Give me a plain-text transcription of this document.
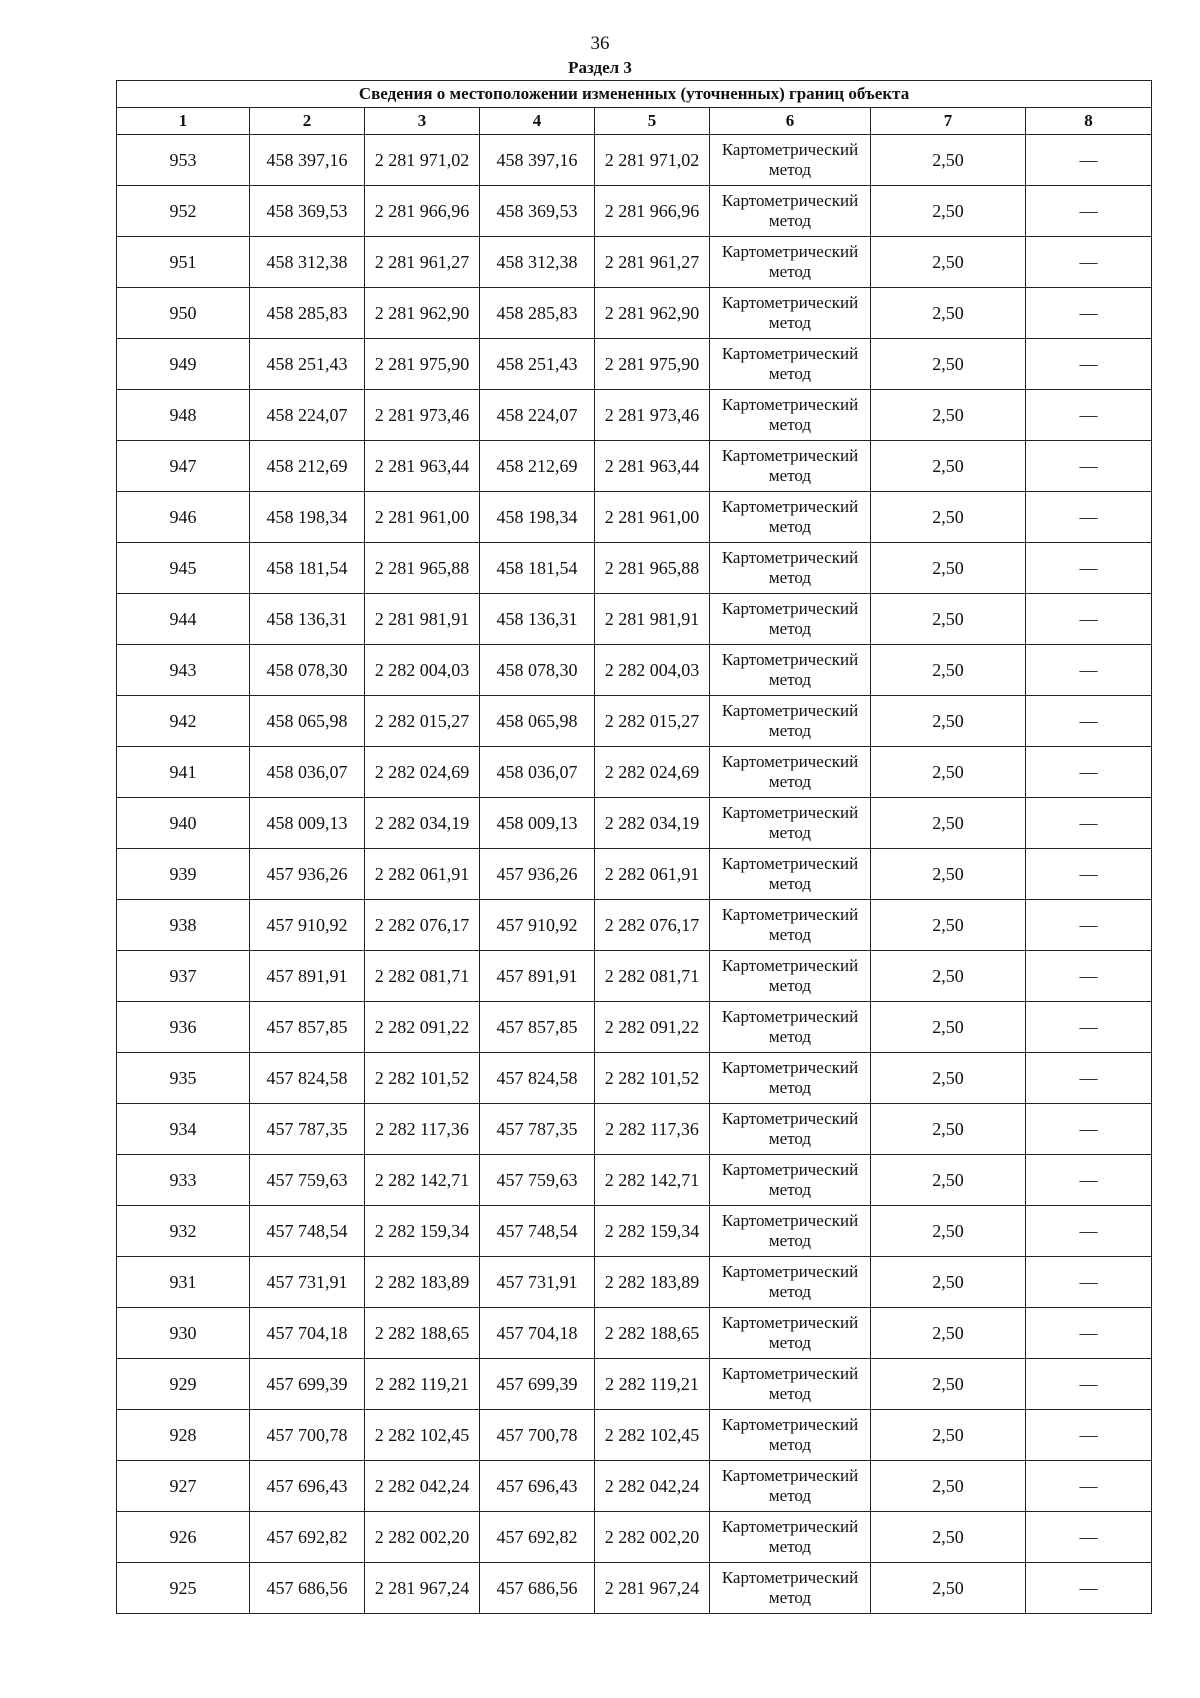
36
Раздел 3
Сведения о местоположении измененных (уточненных) границ объекта							
1	2	3	4	5	6	7	8
953	458 397,16	2 281 971,02	458 397,16	2 281 971,02	Картометрический метод	2,50	—
952	458 369,53	2 281 966,96	458 369,53	2 281 966,96	Картометрический метод	2,50	—
951	458 312,38	2 281 961,27	458 312,38	2 281 961,27	Картометрический метод	2,50	—
950	458 285,83	2 281 962,90	458 285,83	2 281 962,90	Картометрический метод	2,50	—
949	458 251,43	2 281 975,90	458 251,43	2 281 975,90	Картометрический метод	2,50	—
948	458 224,07	2 281 973,46	458 224,07	2 281 973,46	Картометрический метод	2,50	—
947	458 212,69	2 281 963,44	458 212,69	2 281 963,44	Картометрический метод	2,50	—
946	458 198,34	2 281 961,00	458 198,34	2 281 961,00	Картометрический метод	2,50	—
945	458 181,54	2 281 965,88	458 181,54	2 281 965,88	Картометрический метод	2,50	—
944	458 136,31	2 281 981,91	458 136,31	2 281 981,91	Картометрический метод	2,50	—
943	458 078,30	2 282 004,03	458 078,30	2 282 004,03	Картометрический метод	2,50	—
942	458 065,98	2 282 015,27	458 065,98	2 282 015,27	Картометрический метод	2,50	—
941	458 036,07	2 282 024,69	458 036,07	2 282 024,69	Картометрический метод	2,50	—
940	458 009,13	2 282 034,19	458 009,13	2 282 034,19	Картометрический метод	2,50	—
939	457 936,26	2 282 061,91	457 936,26	2 282 061,91	Картометрический метод	2,50	—
938	457 910,92	2 282 076,17	457 910,92	2 282 076,17	Картометрический метод	2,50	—
937	457 891,91	2 282 081,71	457 891,91	2 282 081,71	Картометрический метод	2,50	—
936	457 857,85	2 282 091,22	457 857,85	2 282 091,22	Картометрический метод	2,50	—
935	457 824,58	2 282 101,52	457 824,58	2 282 101,52	Картометрический метод	2,50	—
934	457 787,35	2 282 117,36	457 787,35	2 282 117,36	Картометрический метод	2,50	—
933	457 759,63	2 282 142,71	457 759,63	2 282 142,71	Картометрический метод	2,50	—
932	457 748,54	2 282 159,34	457 748,54	2 282 159,34	Картометрический метод	2,50	—
931	457 731,91	2 282 183,89	457 731,91	2 282 183,89	Картометрический метод	2,50	—
930	457 704,18	2 282 188,65	457 704,18	2 282 188,65	Картометрический метод	2,50	—
929	457 699,39	2 282 119,21	457 699,39	2 282 119,21	Картометрический метод	2,50	—
928	457 700,78	2 282 102,45	457 700,78	2 282 102,45	Картометрический метод	2,50	—
927	457 696,43	2 282 042,24	457 696,43	2 282 042,24	Картометрический метод	2,50	—
926	457 692,82	2 282 002,20	457 692,82	2 282 002,20	Картометрический метод	2,50	—
925	457 686,56	2 281 967,24	457 686,56	2 281 967,24	Картометрический метод	2,50	—
